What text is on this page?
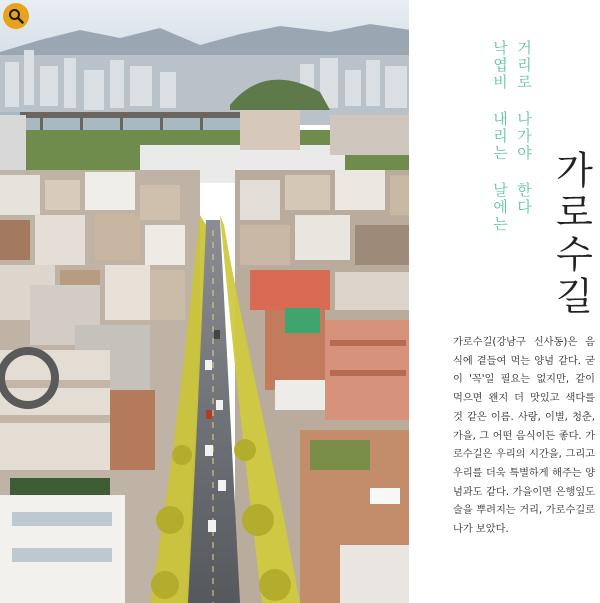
거리로 나가야 한다
낙엽비 내리는 날에는
가로수길

가로수길(강남구 신사동)은 음식에 곁들여 먹는 양념 같다. 굳이 '꼭'일 필요는 없지만, 같이 먹으면 왠지 더 맛있고 색다를 것 같은 이름. 사랑, 이별, 청춘, 가을, 그 어떤 음식이든 좋다. 가로수길은 우리의 시간을, 그리고 우리를 더욱 특별하게 해주는 양념과도 같다. 가을이면 은행잎도 술을 뿌려지는 거리, 가로수길로 나가 보았다.
